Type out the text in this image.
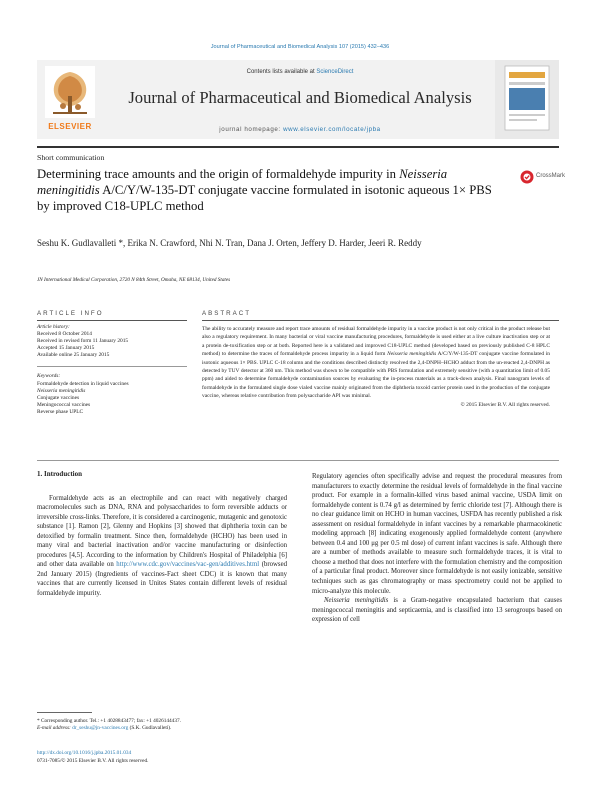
Journal of Pharmaceutical and Biomedical Analysis 107 (2015) 432–436
ELSEVIER
Contents lists available at ScienceDirect
Journal of Pharmaceutical and Biomedical Analysis
journal homepage: www.elsevier.com/locate/jpba
Short communication
Determining trace amounts and the origin of formaldehyde impurity in Neisseria meningitidis A/C/Y/W-135-DT conjugate vaccine formulated in isotonic aqueous 1× PBS by improved C18-UPLC method
CrossMark
Seshu K. Gudlavalleti *, Erika N. Crawford, Nhi N. Tran, Dana J. Orten, Jeffery D. Harder, Jeeri R. Reddy
JN International Medical Corporation, 2720 N 84th Street, Omaha, NE 68134, United States
ARTICLE INFO	ABSTRACT
Article history:
Received 8 October 2014
Received in revised form 11 January 2015
Accepted 15 January 2015
Available online 25 January 2015
Keywords:
Formaldehyde detection in liquid vaccines
Neisseria meningitidis
Conjugate vaccines
Meningococcal vaccines
Reverse phase UPLC
The ability to accurately measure and report trace amounts of residual formaldehyde impurity in a vaccine product is not only critical in the product release but also a regulatory requirement. In many bacterial or viral vaccine manufacturing procedures, formaldehyde is used either at a live culture inactivation step or at a protein de-toxification step or at both. Reported here is a validated and improved C18-UPLC method (developed based on previously published C-8 HPLC method) to determine the traces of formaldehyde process impurity in a liquid form Neisseria meningitidis A/C/Y/W-135-DT conjugate vaccine formulated in isotonic aqueous 1× PBS. UPLC C-18 column and the conditions described distinctly resolved the 2,4-DNPH–HCHO adduct from the un-reacted 2,4-DNPH as detected by TUV detector at 360 nm. This method was shown to be compatible with PBS formulation and extremely sensitive (with a quantitation limit of 0.05 ppm) and aided to determine formaldehyde contamination sources by evaluating the in-process materials as a track-down analysis. Final nanogram levels of formaldehyde in the formulated single dose vialed vaccine mainly originated from the diphtheria toxoid carrier protein used in the production of the conjugate vaccine, whereas relative contribution from polysaccharide API was minimal.
© 2015 Elsevier B.V. All rights reserved.

1. Introduction

Formaldehyde acts as an electrophile and can react with negatively charged macromolecules such as DNA, RNA and polysaccharides to form reversible adducts or irreversible cross-links. Therefore, it is considered a carcinogenic, mutagenic and genotoxic substance [1]. Ramon [2], Glenny and Hopkins [3] showed that diphtheria toxin can be detoxified by formalin treatment. Since then, formaldehyde (HCHO) has been used in many viral and bacterial inactivation and/or vaccine manufacturing or disinfection procedures [4,5]. According to the information by Children's Hospital of Philadelphia [6] and other data available on http://www.cdc.gov/vaccines/vac-gen/additives.html (browsed 2nd January 2015) (Ingredients of vaccines-Fact sheet CDC) it is known that many vaccines that are currently licensed in Unites States contain different levels of residual formaldehyde impurity.

Regulatory agencies often specifically advise and request the procedural measures from manufacturers to exactly determine the residual levels of formaldehyde in the final vaccine product. For example in a formalin-killed virus based animal vaccine, USDA limit on formaldehyde content is 0.74 g/l as determined by ferric chloride test [7]. Although there is no clear guidance limit on HCHO in human vaccines, USFDA has recently published a risk assessment on residual formaldehyde in infant vaccines by a remarkable pharmacokinetic modeling approach [8] indicating exogenously applied formaldehyde content (anywhere between 0.4 and 100 μg per 0.5 ml dose) of current infant vaccines is safe. Although there are a number of methods available to measure such formaldehyde traces, it is vital to choose a method that does not interfere with the formulation chemistry and the composition of a particular final product. Moreover since formaldehyde is not easily ionizable, sensitive techniques such as gas chromatography or mass spectrometry could not be applied to micro-analyze this molecule.

Neisseria meningitidis is a Gram-negative encapsulated bacterium that causes meningococcal meningitis and septicaemia, and is classified into 13 serogroups based on expression of cell

* Corresponding author. Tel.: +1 4028843477; fax: +1 4026144437.
E-mail address: dr_seshu@jn-vaccines.org (S.K. Gudlavalleti).
http://dx.doi.org/10.1016/j.jpba.2015.01.034
0731-7085/© 2015 Elsevier B.V. All rights reserved.
